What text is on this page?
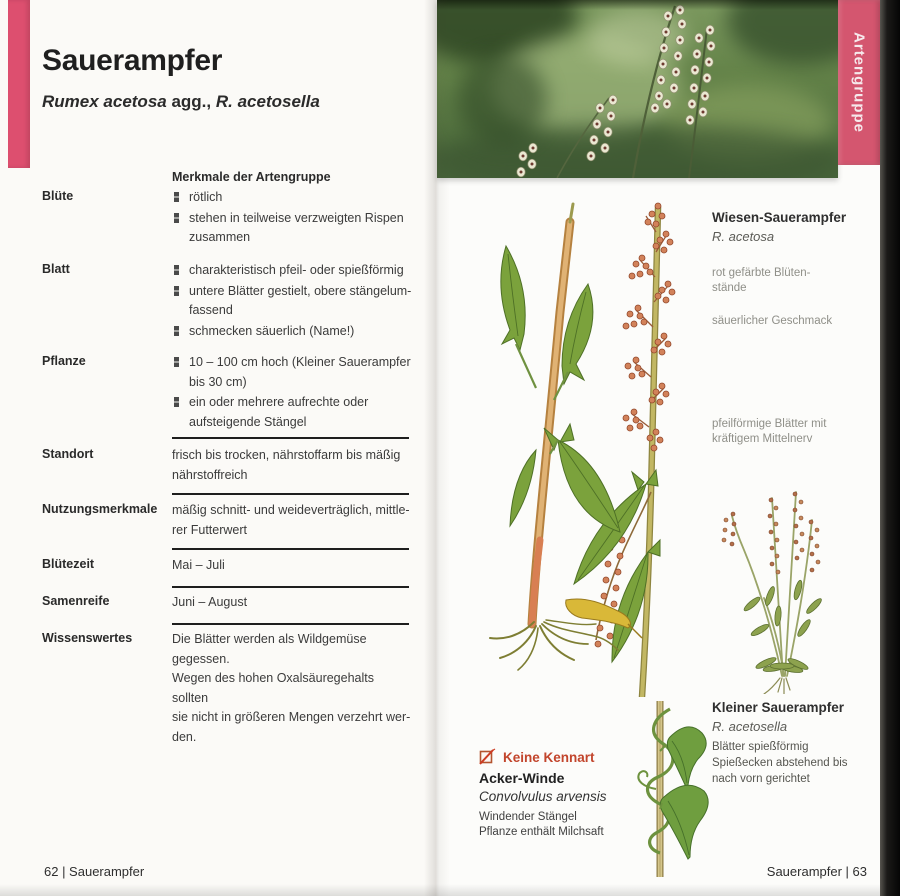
Sauerampfer
Rumex acetosa agg., R. acetosella
Merkmale der Artengruppe
Blüte	rötlich
stehen in teilweise verzweigten Rispen
zusammen
Blatt	charakteristisch pfeil- oder spießförmig
untere Blätter gestielt, obere stängelum-
fassend
schmecken säuerlich (Name!)
Pflanze	10 – 100 cm hoch (Kleiner Sauerampfer
bis 30 cm)
ein oder mehrere aufrechte oder
aufsteigende Stängel
Standort	frisch bis trocken, nährstoffarm bis mäßig
nährstoffreich
Nutzungsmerkmale	mäßig schnitt- und weideverträglich, mittle-
rer Futterwert
Blütezeit	Mai – Juli
Samenreife	Juni – August
Wissenswertes	Die Blätter werden als Wildgemüse gegessen.
Wegen des hohen Oxalsäuregehalts sollten
sie nicht in größeren Mengen verzehrt wer-
den.
62 | Sauerampfer
Artengruppe
Wiesen-Sauerampfer
R. acetosa
rot gefärbte Blüten-
stände
säuerlicher Geschmack
pfeilförmige Blätter mit
kräftigem Mittelnerv
Kleiner Sauerampfer
R. acetosella
Blätter spießförmig
Spießecken abstehend bis
nach vorn gerichtet
Keine Kennart
Acker-Winde
Convolvulus arvensis
Windender Stängel
Pflanze enthält Milchsaft
Sauerampfer | 63
